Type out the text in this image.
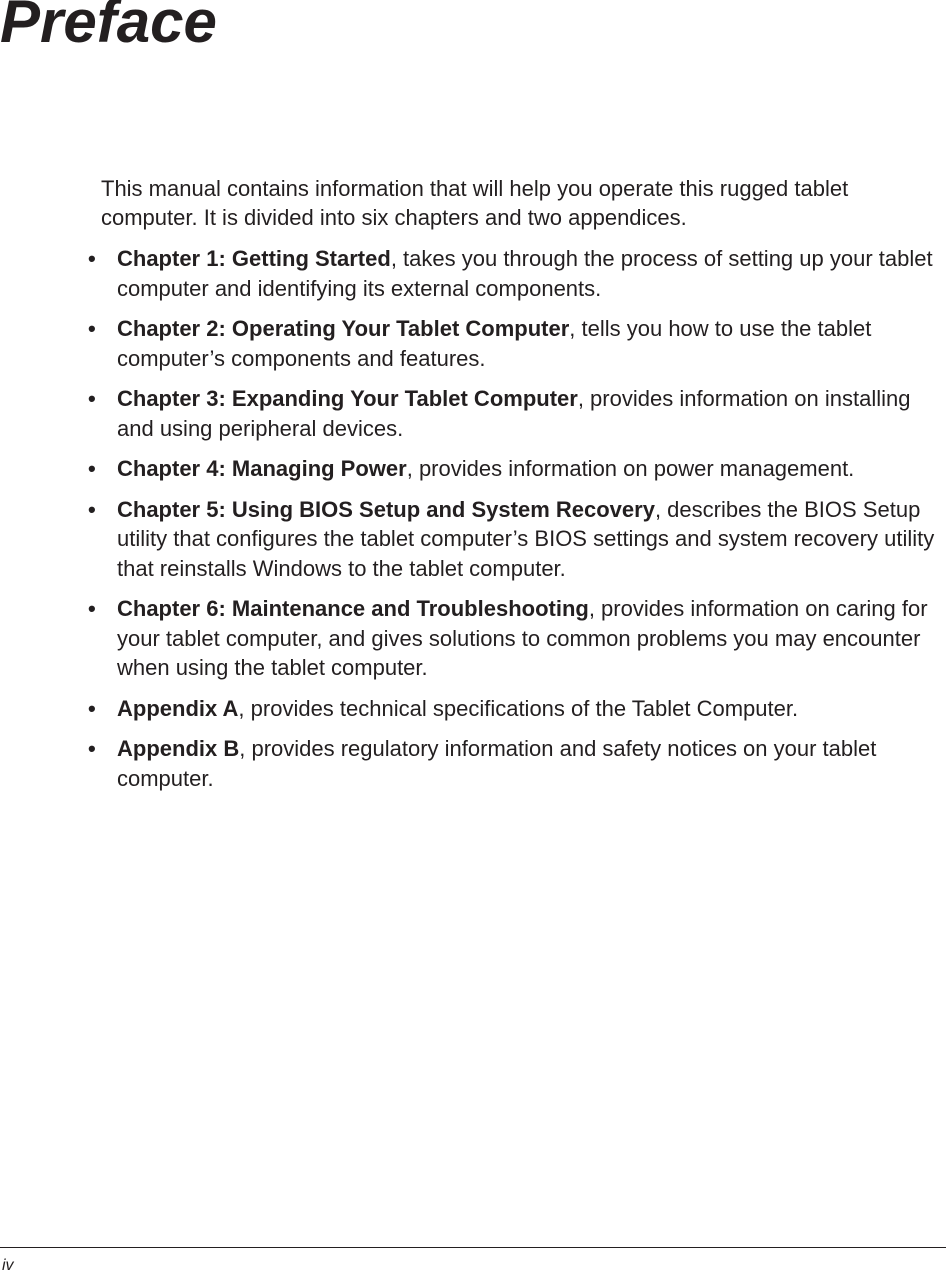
Preface

This manual contains information that will help you operate this rugged tablet computer. It is divided into six chapters and two appendices.

• Chapter 1: Getting Started, takes you through the process of setting up your tablet computer and identifying its external components.
• Chapter 2: Operating Your Tablet Computer, tells you how to use the tablet computer’s components and features.
• Chapter 3: Expanding Your Tablet Computer, provides information on installing and using peripheral devices.
• Chapter 4: Managing Power, provides information on power management.
• Chapter 5: Using BIOS Setup and System Recovery, describes the BIOS Setup utility that configures the tablet computer’s BIOS settings and system recovery utility that reinstalls Windows to the tablet computer.
• Chapter 6: Maintenance and Troubleshooting, provides information on caring for your tablet computer, and gives solutions to common problems you may encounter when using the tablet computer.
• Appendix A, provides technical specifications of the Tablet Computer.
• Appendix B, provides regulatory information and safety notices on your tablet computer.
iv
